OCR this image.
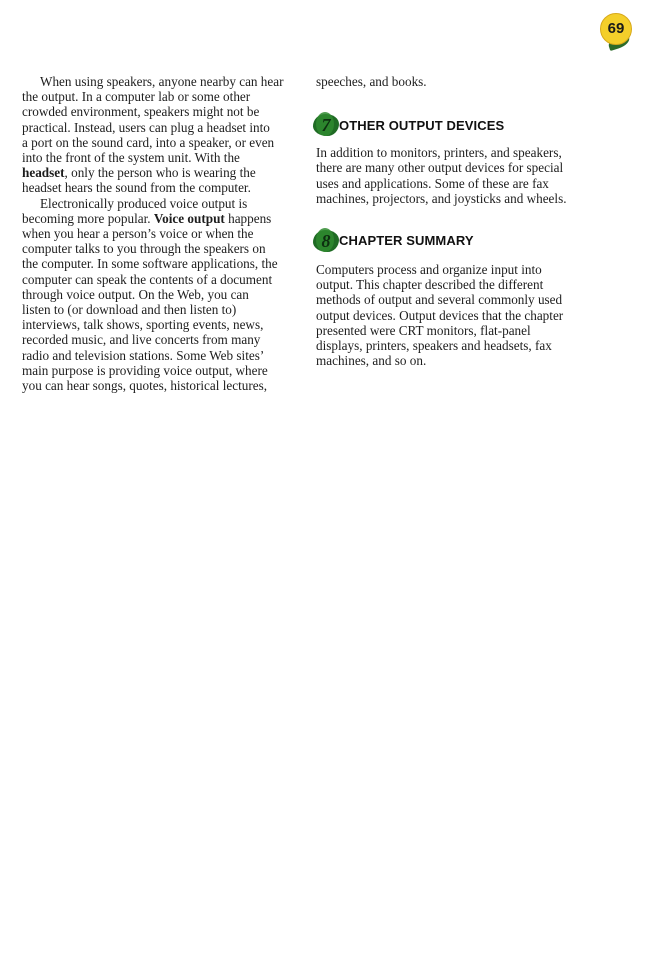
69

When using speakers, anyone nearby can hear
the output. In a computer lab or some other
crowded environment, speakers might not be
practical. Instead, users can plug a headset into
a port on the sound card, into a speaker, or even
into the front of the system unit. With the
headset, only the person who is wearing the
headset hears the sound from the computer.

Electronically produced voice output is
becoming more popular. Voice output happens
when you hear a person’s voice or when the
computer talks to you through the speakers on
the computer. In some software applications, the
computer can speak the contents of a document
through voice output. On the Web, you can
listen to (or download and then listen to)
interviews, talk shows, sporting events, news,
recorded music, and live concerts from many
radio and television stations. Some Web sites’
main purpose is providing voice output, where
you can hear songs, quotes, historical lectures,

speeches, and books.

7 OTHER OUTPUT DEVICES

In addition to monitors, printers, and speakers,
there are many other output devices for special
uses and applications. Some of these are fax
machines, projectors, and joysticks and wheels.

8 CHAPTER SUMMARY

Computers process and organize input into
output. This chapter described the different
methods of output and several commonly used
output devices. Output devices that the chapter
presented were CRT monitors, flat-panel
displays, printers, speakers and headsets, fax
machines, and so on.
